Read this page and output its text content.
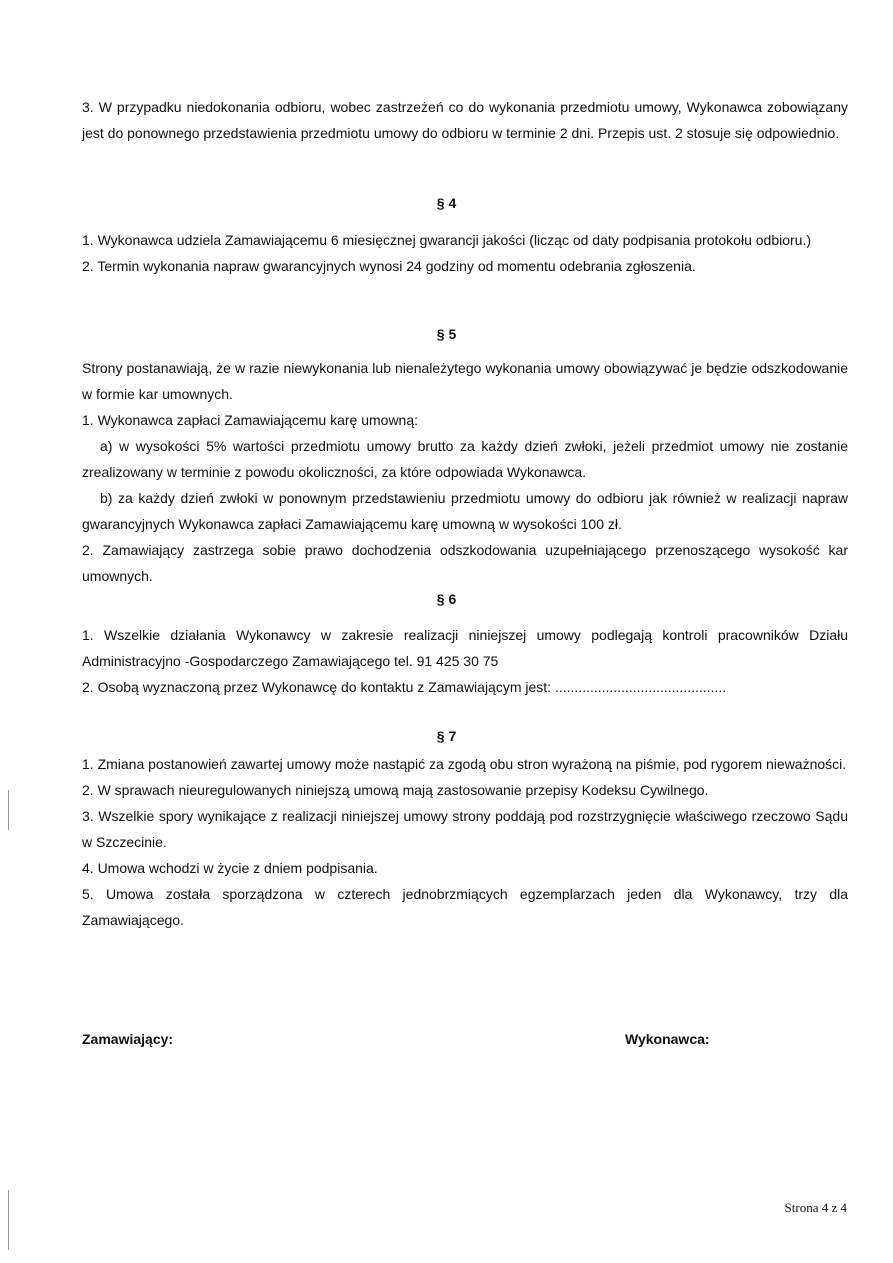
3. W przypadku niedokonania odbioru, wobec zastrzeżeń co do wykonania przedmiotu umowy, Wykonawca zobowiązany jest do ponownego przedstawienia przedmiotu umowy do odbioru w terminie 2 dni. Przepis ust. 2 stosuje się odpowiednio.

§ 4

1. Wykonawca udziela Zamawiającemu 6 miesięcznej gwarancji jakości (licząc od daty podpisania protokołu odbioru.)

2. Termin wykonania napraw gwarancyjnych wynosi 24 godziny od momentu odebrania zgłoszenia.

§ 5

Strony postanawiają, że w razie niewykonania lub nienależytego wykonania umowy obowiązywać je będzie odszkodowanie w formie kar umownych.

1. Wykonawca zapłaci Zamawiającemu karę umowną:

a) w wysokości 5% wartości przedmiotu umowy brutto za każdy dzień zwłoki, jeżeli przedmiot umowy nie zostanie zrealizowany w terminie z powodu okoliczności, za które odpowiada Wykonawca.

b) za każdy dzień zwłoki w ponownym przedstawieniu przedmiotu umowy do odbioru jak również w realizacji napraw gwarancyjnych Wykonawca zapłaci Zamawiającemu karę umowną w wysokości 100 zł.

2. Zamawiający zastrzega sobie prawo dochodzenia odszkodowania uzupełniającego przenoszącego wysokość kar umownych.

§ 6

1. Wszelkie działania Wykonawcy w zakresie realizacji niniejszej umowy podlegają kontroli pracowników Działu Administracyjno -Gospodarczego Zamawiającego tel. 91 425 30 75

2. Osobą wyznaczoną przez Wykonawcę do kontaktu z Zamawiającym jest: ............................................

§ 7

1. Zmiana postanowień zawartej umowy może nastąpić za zgodą obu stron wyrażoną na piśmie, pod rygorem nieważności.

2. W sprawach nieuregulowanych niniejszą umową mają zastosowanie przepisy Kodeksu Cywilnego.

3. Wszelkie spory wynikające z realizacji niniejszej umowy strony poddają pod rozstrzygnięcie właściwego rzeczowo Sądu w Szczecinie.

4. Umowa wchodzi w życie z dniem podpisania.

5. Umowa została sporządzona w czterech jednobrzmiących egzemplarzach jeden dla Wykonawcy, trzy dla Zamawiającego.

Zamawiający:	Wykonawca:
Strona 4 z 4
